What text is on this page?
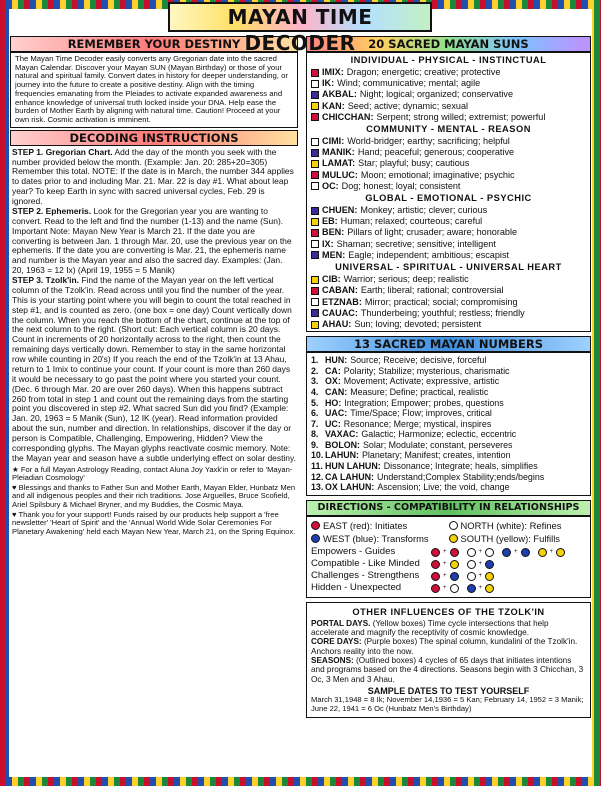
MAYAN TIME DECODER
REMEMBER YOUR DESTINY
The Mayan Time Decoder easily converts any Gregorian date into the sacred Mayan Calendar. Discover your Mayan SUN (Mayan Birthday) or those of your natural and spiritual family. Convert dates in history for deeper understanding, or journey into the future to create a positive destiny. Align with the timing frequencies emanating from the Pleiades to activate expanded awareness and enhance knowledge of universal truth locked inside your DNA. Help ease the burden of Mother Earth by aligning with natural time. Caution! Proceed at your own risk. Cosmic activation is imminent.
DECODING INSTRUCTIONS

STEP 1. Gregorian Chart. Add the day of the month you seek with the number provided below the month. (Example: Jan. 20: 285+20=305) Remember this total. NOTE: If the date is in March, the number 344 applies to dates prior to and including Mar. 21. Mar. 22 is day #1. What about leap year? To keep Earth in sync with sacred universal cycles, Feb. 29 is ignored.

STEP 2. Ephemeris. Look for the Gregorian year you are wanting to convert. Read to the left and find the number (1-13) and the name (Sun). Important Note: Mayan New Year is March 21. If the date you are converting is between Jan. 1 through Mar. 20, use the previous year on the ephemeris. If the date you are converting is Mar. 21, the ephemeris name and number is the Mayan year and also the sacred day. Examples: (Jan. 20, 1963 = 12 Ix) (April 19, 1955 = 5 Manik)

STEP 3. Tzolk'in. Find the name of the Mayan year on the left vertical column of the Tzolk'in. Read across until you find the number of the year. This is your starting point where you will begin to count the total reached in step #1, and is counted as zero. (one box = one day) Count vertically down the column. When you reach the bottom of the chart, continue at the top of the next column to the right. (Short cut: Each vertical column is 20 days. Count in increments of 20 horizontally across to the right, then count the remaining days vertically down. Remember to stay in the same horizontal row while counting in 20's) If you reach the end of the Tzolk'in at 13 Ahau, return to 1 Imix to continue your count. If your count is more than 260 days it would be necessary to go past the point where you started your count. (Dec. 6 through Mar. 20 are over 260 days). When this happens subtract 260 from total in step 1 and count out the remaining days from the starting point you discovered in step #2. What sacred Sun did you find? (Example: Jan. 20, 1963 = 5 Manik (Sun), 12 IK (year). Read information provided about the sun, number and direction. In relationships, discover if the day or person is Compatible, Challenging, Empowering, Hidden? View the corresponding glyphs. The Mayan glyphs reactivate cosmic memory. Note: the Mayan year and season have a subtle underlying effect on solar destiny.

★ For a full Mayan Astrology Reading, contact Aluna Joy Yaxk'in or refer to 'Mayan-Pleiadian Cosmology'

♥ Blessings and thanks to Father Sun and Mother Earth, Mayan Elder, Hunbatz Men and all indigenous peoples and their rich traditions. Jose Arguelles, Bruce Scofield, Ariel Spilsbury & Michael Bryner, and my Buddies, the Cosmic Maya.

♥ Thank you for your support! Funds raised by our products help support a 'free newsletter' 'Heart of Spirit' and the 'Annual World Wide Solar Ceremonies For Planetary Awakening' held each Mayan New Year, March 21, on the Spring Equinox.

20 SACRED MAYAN SUNS
INDIVIDUAL - PHYSICAL - INSTINCTUAL
IMIX: Dragon; energetic; creative; protective
IK: Wind; communicative; mental; agile
AKBAL: Night; logical; organized; conservative
KAN: Seed; active; dynamic; sexual
CHICCHAN: Serpent; strong willed; extremist; powerful
COMMUNITY - MENTAL - REASON
CIMI: World-bridger; earthy; sacrificing; helpful
MANIK: Hand; peaceful; generous; cooperative
LAMAT: Star; playful; busy; cautious
MULUC: Moon; emotional; imaginative; psychic
OC: Dog; honest; loyal; consistent
GLOBAL - EMOTIONAL - PSYCHIC
CHUEN: Monkey; artistic; clever; curious
EB: Human; relaxed; courteous; careful
BEN: Pillars of light; crusader; aware; honorable
IX: Shaman; secretive; sensitive; intelligent
MEN: Eagle; independent; ambitious; escapist
UNIVERSAL - SPIRITUAL - UNIVERSAL HEART
CIB: Warrior; serious; deep; realistic
CABAN: Earth; liberal; rational; controversial
ETZNAB: Mirror; practical; social; compromising
CAUAC: Thunderbeing; youthful; restless; friendly
AHAU: Sun; loving; devoted; persistent
13 SACRED MAYAN NUMBERS
1. HUN: Source; Receive; decisive, forceful
2. CA: Polarity; Stabilize; mysterious, charismatic
3. OX: Movement; Activate; expressive, artistic
4. CAN: Measure; Define; practical, realistic
5. HO: Integration; Empower; probes, questions
6. UAC: Time/Space; Flow; improves, critical
7. UC: Resonance; Merge; mystical, inspires
8. VAXAC: Galactic; Harmonize; eclectic, eccentric
9. BOLON: Solar; Modulate; constant, perseveres
10. LAHUN: Planetary; Manifest; creates, intention
11. HUN LAHUN: Dissonance; Integrate; heals, simplifies
12. CA LAHUN: Understand;Complex Stability;ends/begins
13. OX LAHUN: Ascension; Live; the void, change
DIRECTIONS - COMPATIBILITY IN RELATIONSHIPS
EAST (red): Initiates	NORTH (white): Refines
WEST (blue): Transforms	SOUTH (yellow): Fulfills
Empowers - Guides	+	+	+	+
Compatible - Like Minded	+	+
Challenges - Strengthens	+	+
Hidden - Unexpected	+	+
OTHER INFLUENCES OF THE TZOLK'IN

PORTAL DAYS. (Yellow boxes) Time cycle intersections that help accelerate and magnify the receptivity of cosmic knowledge.

CORE DAYS: (Purple boxes) The spinal column, kundalini of the Tzolk'in. Anchors reality into the now.

SEASONS: (Outlined boxes) 4 cycles of 65 days that initiates intentions and programs based on the 4 directions. Seasons begin with 3 Chicchan, 3 Oc, 3 Men and 3 Ahau.

SAMPLE DATES TO TEST YOURSELF
March 31,1948 = 8 Ik; November 14,1936 = 5 Kan; February 14, 1952 = 3 Manik; June 22, 1941 = 6 Oc (Hunbatz Men's Birthday)
